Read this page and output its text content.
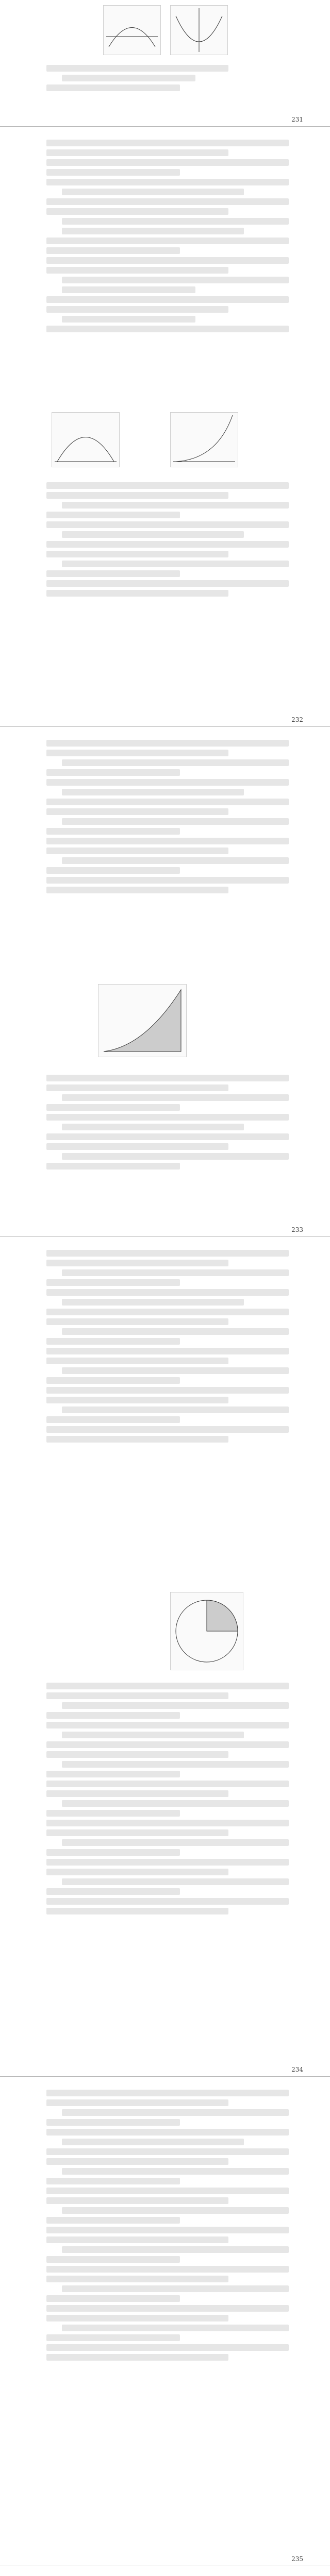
231
232
233
234
235
